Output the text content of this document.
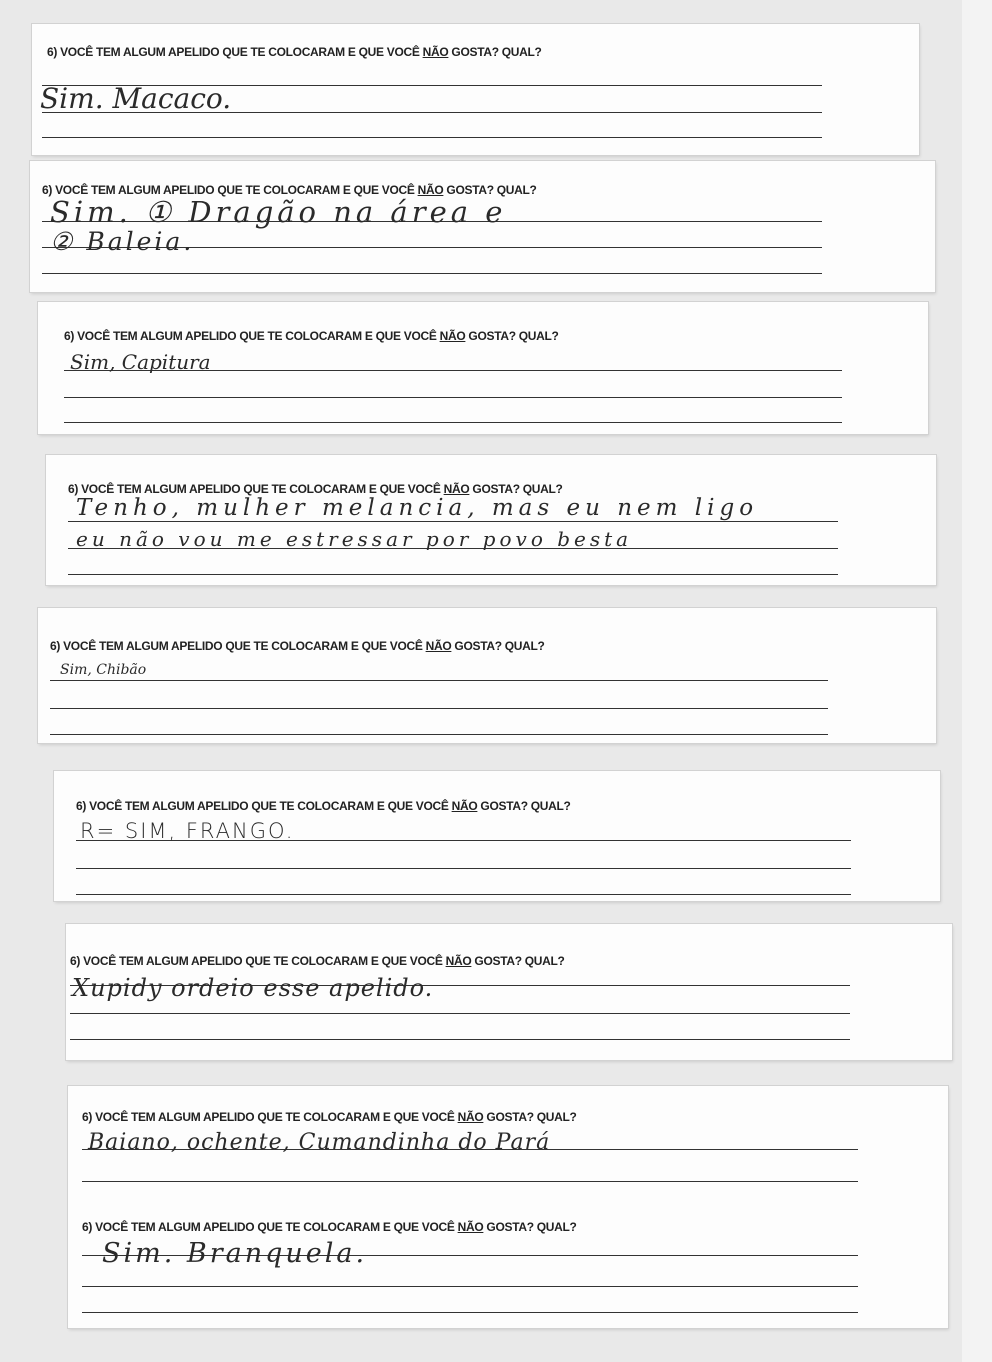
6) VOCÊ TEM ALGUM APELIDO QUE TE COLOCARAM E QUE VOCÊ NÃO GOSTA? QUAL?
Sim. Macaco.
6) VOCÊ TEM ALGUM APELIDO QUE TE COLOCARAM E QUE VOCÊ NÃO GOSTA? QUAL?
Sim. ① Dragão na área e
② Baleia.
6) VOCÊ TEM ALGUM APELIDO QUE TE COLOCARAM E QUE VOCÊ NÃO GOSTA? QUAL?
Sim, Capitura
6) VOCÊ TEM ALGUM APELIDO QUE TE COLOCARAM E QUE VOCÊ NÃO GOSTA? QUAL?
Tenho, mulher melancia, mas eu nem ligo
eu não vou me estressar por povo besta
6) VOCÊ TEM ALGUM APELIDO QUE TE COLOCARAM E QUE VOCÊ NÃO GOSTA? QUAL?
Sim, Chibão
6) VOCÊ TEM ALGUM APELIDO QUE TE COLOCARAM E QUE VOCÊ NÃO GOSTA? QUAL?
R= SIM, FRANGO.
6) VOCÊ TEM ALGUM APELIDO QUE TE COLOCARAM E QUE VOCÊ NÃO GOSTA? QUAL?
Xupidy ordeio esse apelido.
6) VOCÊ TEM ALGUM APELIDO QUE TE COLOCARAM E QUE VOCÊ NÃO GOSTA? QUAL?
Baiano, ochente, Cumandinha do Pará
6) VOCÊ TEM ALGUM APELIDO QUE TE COLOCARAM E QUE VOCÊ NÃO GOSTA? QUAL?
Sim. Branquela.
